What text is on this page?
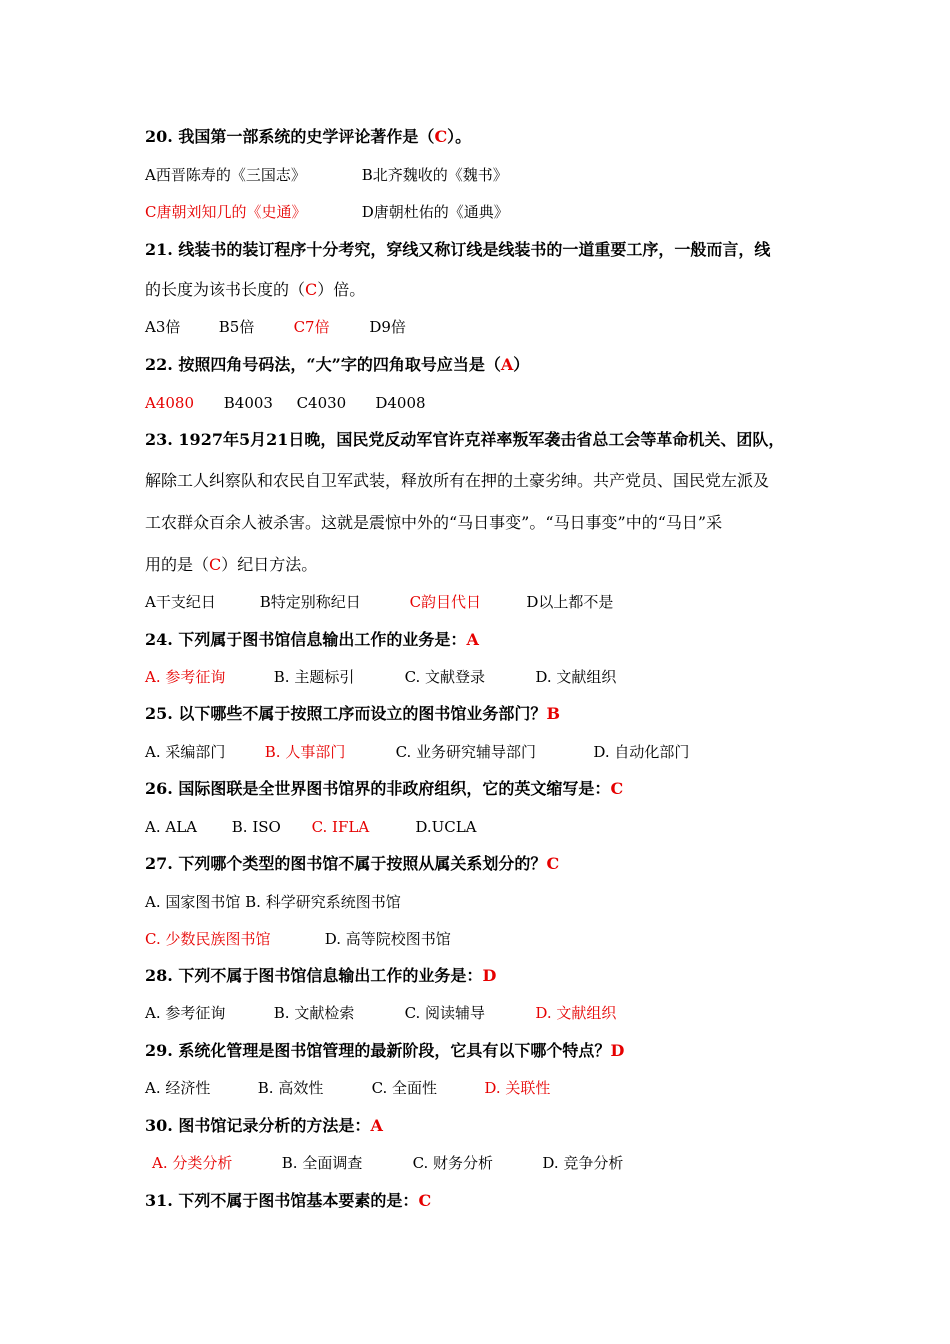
20. 我国第一部系统的史学评论著作是（C）。
A西晋陈寿的《三国志》	B北齐魏收的《魏书》
C唐朝刘知几的《史通》	D唐朝杜佑的《通典》
21. 线装书的装订程序十分考究，穿线又称订线是线装书的一道重要工序，一般而言，线
的长度为该书长度的（C）倍。
A3倍	B5倍	C7倍	D9倍
22. 按照四角号码法，“大”字的四角取号应当是（A）
A4080 B4003 C4030 D4008
23. 1927年5月21日晚，国民党反动军官许克祥率叛军袭击省总工会等革命机关、团队，
解除工人纠察队和农民自卫军武装，释放所有在押的土豪劣绅。共产党员、国民党左派及
工农群众百余人被杀害。这就是震惊中外的“马日事变”。“马日事变”中的“马日”采
用的是（C）纪日方法。
A干支纪日	B特定别称纪日	C韵目代日	D以上都不是
24. 下列属于图书馆信息输出工作的业务是：A
A. 参考征询	B. 主题标引	C. 文献登录	D. 文献组织
25. 以下哪些不属于按照工序而设立的图书馆业务部门？B
A. 采编部门	B. 人事部门	C. 业务研究辅导部门	D. 自动化部门
26. 国际图联是全世界图书馆界的非政府组织，它的英文缩写是：C
A. ALA B. ISO C. IFLA	D.UCLA
27. 下列哪个类型的图书馆不属于按照从属关系划分的？C
A. 国家图书馆 B. 科学研究系统图书馆
C. 少数民族图书馆	D. 高等院校图书馆
28. 下列不属于图书馆信息输出工作的业务是：D
A. 参考征询	B. 文献检索	C. 阅读辅导	D. 文献组织
29. 系统化管理是图书馆管理的最新阶段，它具有以下哪个特点？D
A. 经济性	B. 高效性	C. 全面性	D. 关联性
30. 图书馆记录分析的方法是：A
A. 分类分析	B. 全面调查	C. 财务分析	D. 竞争分析
31. 下列不属于图书馆基本要素的是：C
